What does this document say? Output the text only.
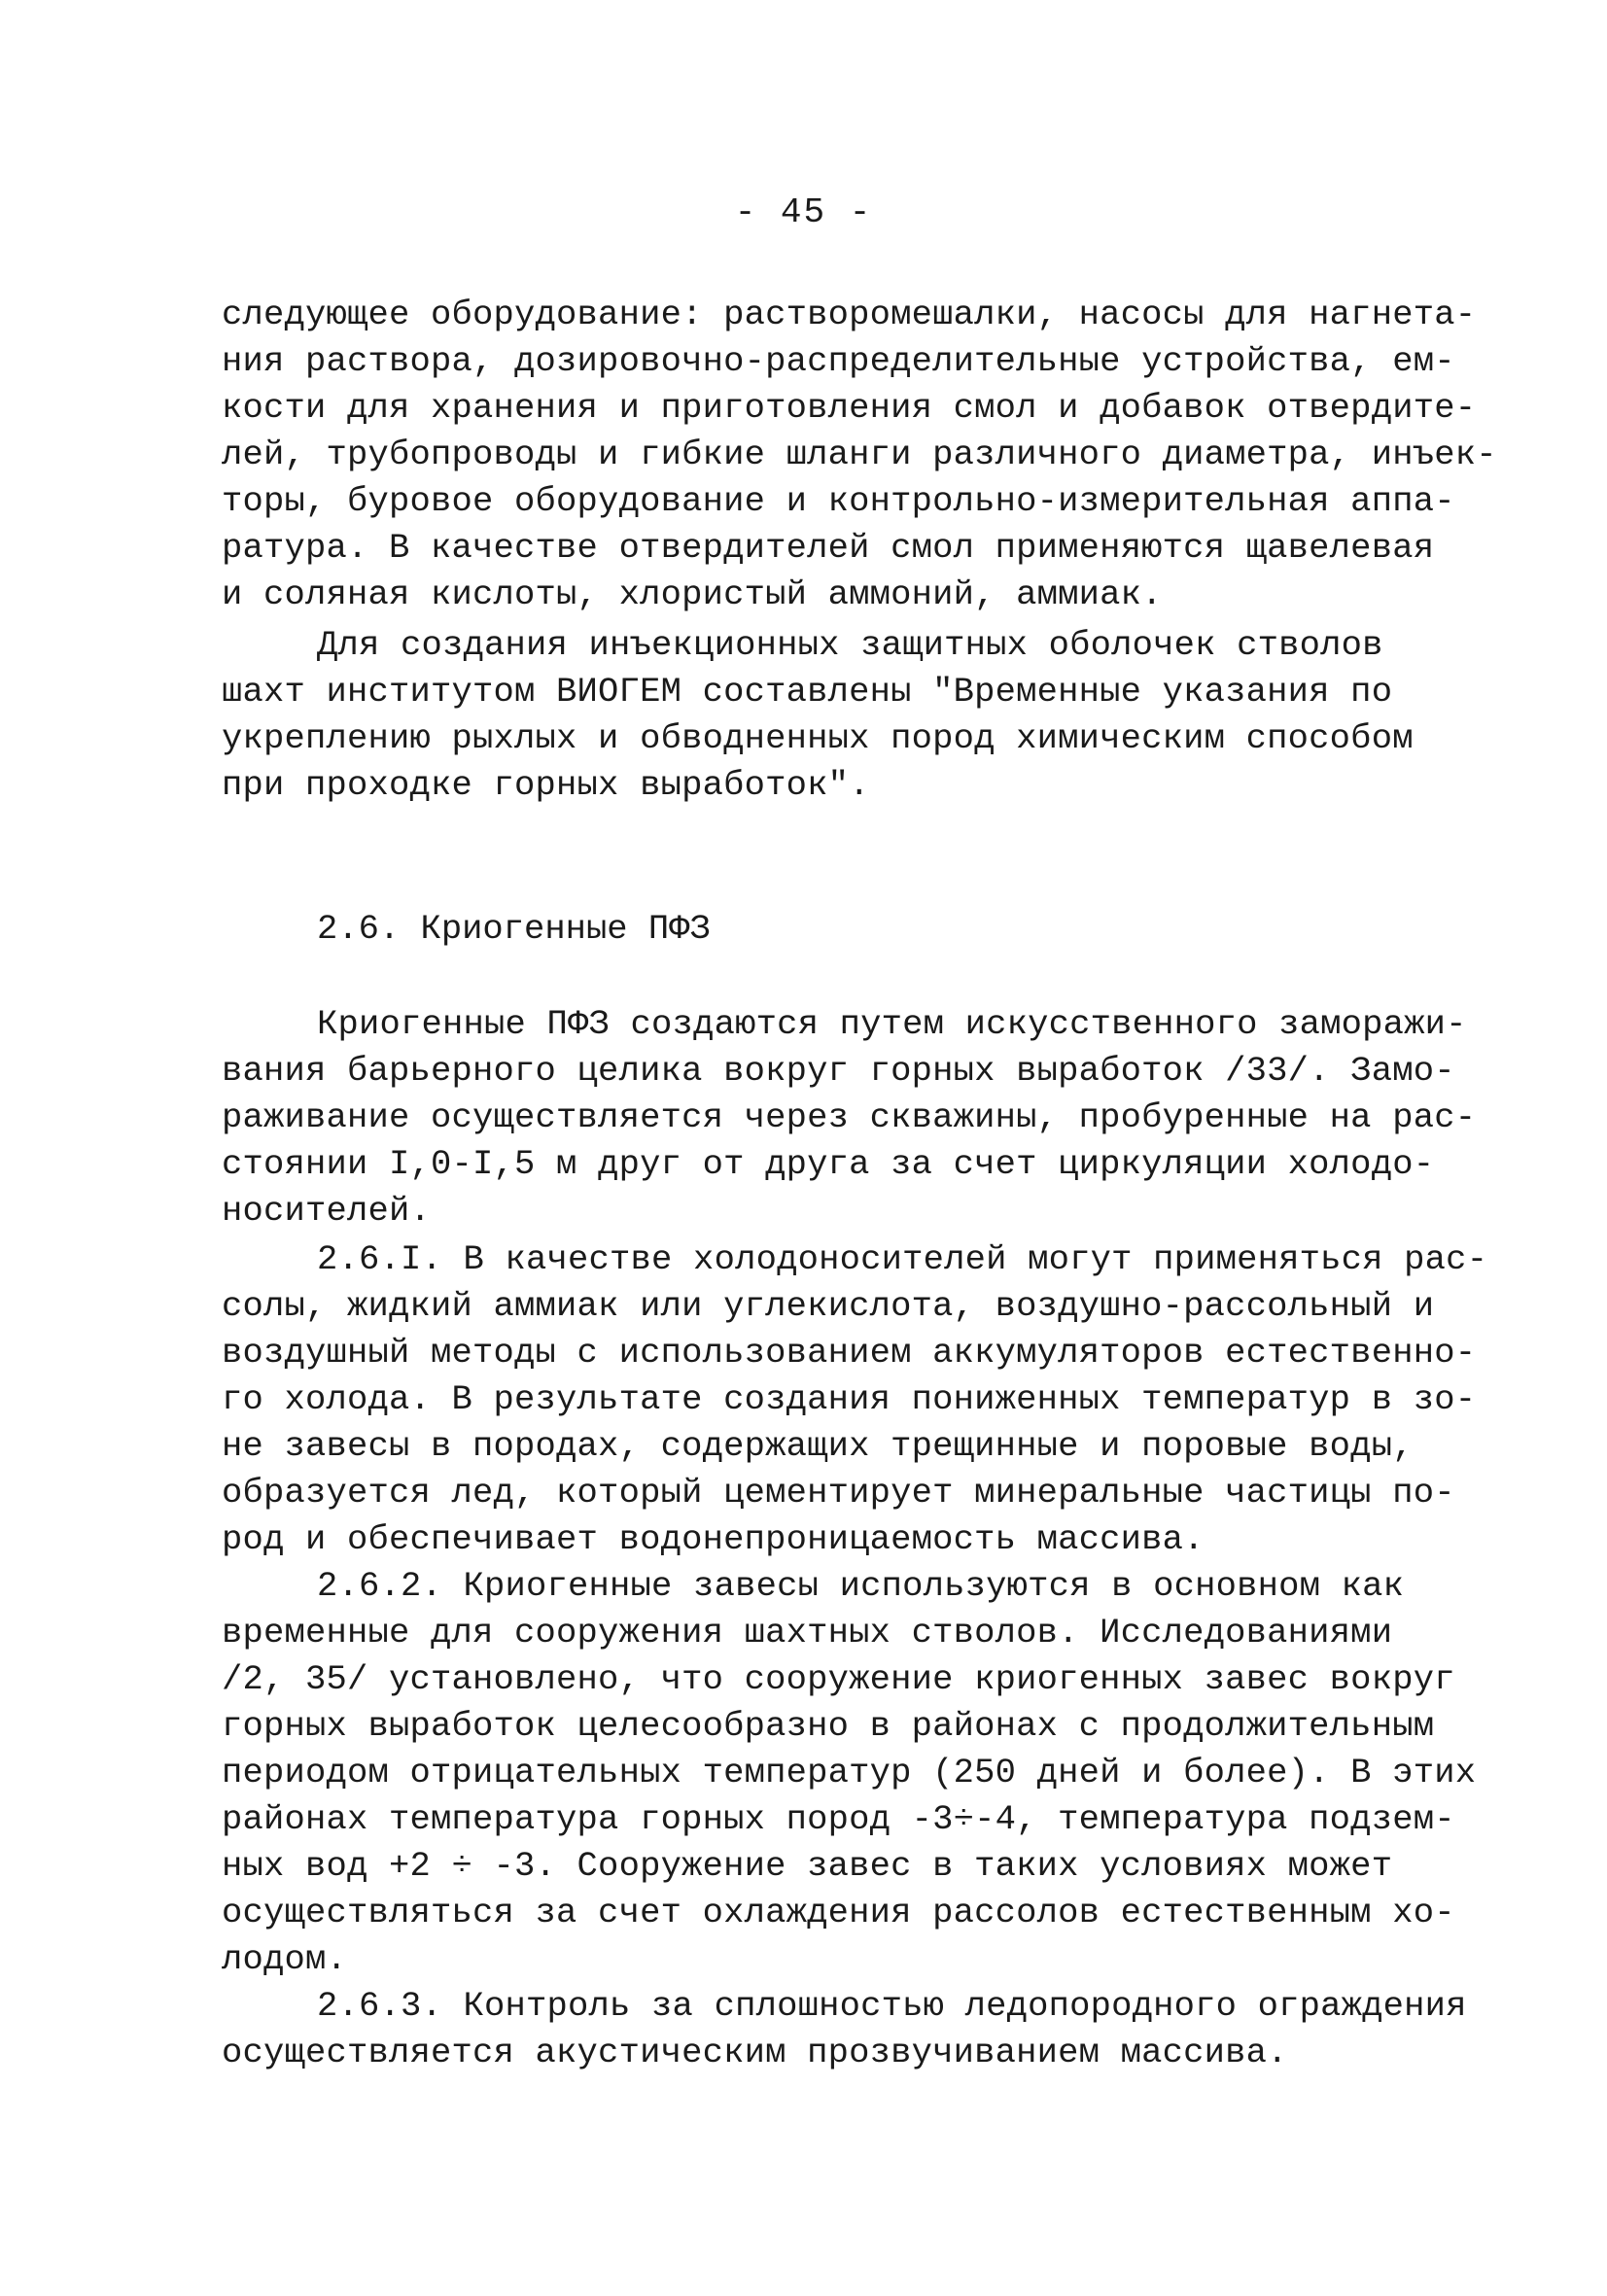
- 45 -
следующее оборудование: растворомешалки, насосы для нагнета-
ния раствора, дозировочно-распределительные устройства, ем-
кости для хранения и приготовления смол и добавок отвердите-
лей, трубопроводы и гибкие шланги различного диаметра, инъек-
торы, буровое оборудование и контрольно-измерительная аппа-
ратура. В качестве отвердителей смол применяются щавелевая
и соляная кислоты, хлористый аммоний, аммиак.
Для создания инъекционных защитных оболочек стволов
шахт институтом ВИОГЕМ составлены "Временные указания по
укреплению рыхлых и обводненных пород химическим способом
при проходке горных выработок".
2.6. Криогенные ПФЗ
Криогенные ПФЗ создаются путем искусственного заморажи-
вания барьерного целика вокруг горных выработок /33/. Замо-
раживание осуществляется через скважины, пробуренные на рас-
стоянии I,0-I,5 м друг от друга за счет циркуляции холодо-
носителей.
2.6.I. В качестве холодоносителей могут применяться рас-
солы, жидкий аммиак или углекислота, воздушно-рассольный и
воздушный методы с использованием аккумуляторов естественно-
го холода. В результате создания пониженных температур в зо-
не завесы в породах, содержащих трещинные и поровые воды,
образуется лед, который цементирует минеральные частицы по-
род и обеспечивает водонепроницаемость массива.
2.6.2. Криогенные завесы используются в основном как
временные для сооружения шахтных стволов. Исследованиями
/2, 35/ установлено, что сооружение криогенных завес вокруг
горных выработок целесообразно в районах с продолжительным
периодом отрицательных температур (250 дней и более). В этих
районах температура горных пород -3÷-4, температура подзем-
ных вод +2 ÷ -3. Сооружение завес в таких условиях может
осуществляться за счет охлаждения рассолов естественным хо-
лодом.
2.6.3. Контроль за сплошностью ледопородного ограждения
осуществляется акустическим прозвучиванием массива.
